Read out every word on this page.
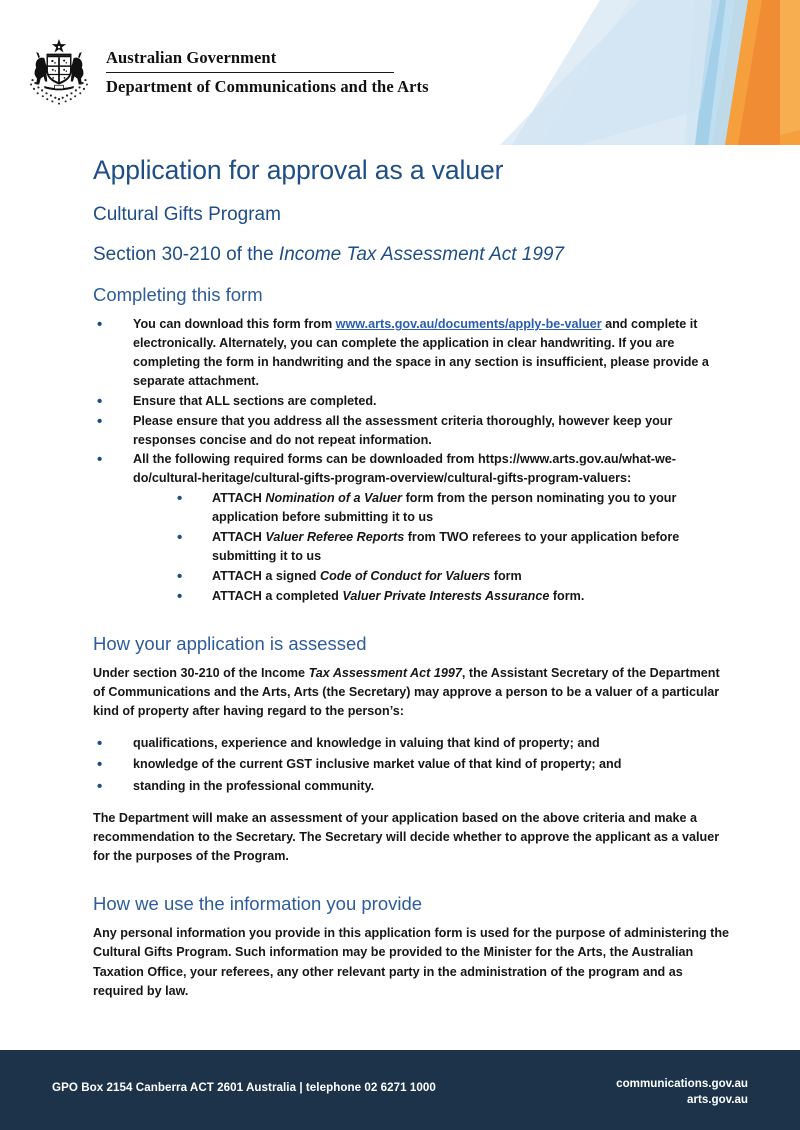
Australian Government
Department of Communications and the Arts
Application for approval as a valuer
Cultural Gifts Program
Section 30-210 of the Income Tax Assessment Act 1997
Completing this form
• You can download this form from www.arts.gov.au/documents/apply-be-valuer and complete it electronically. Alternately, you can complete the application in clear handwriting. If you are completing the form in handwriting and the space in any section is insufficient, please provide a separate attachment.
• Ensure that ALL sections are completed.
• Please ensure that you address all the assessment criteria thoroughly, however keep your responses concise and do not repeat information.
• All the following required forms can be downloaded from https://www.arts.gov.au/what-we-do/cultural-heritage/cultural-gifts-program-overview/cultural-gifts-program-valuers:
• ATTACH Nomination of a Valuer form from the person nominating you to your application before submitting it to us
• ATTACH Valuer Referee Reports from TWO referees to your application before submitting it to us
• ATTACH a signed Code of Conduct for Valuers form
• ATTACH a completed Valuer Private Interests Assurance form.
How your application is assessed

Under section 30-210 of the Income Tax Assessment Act 1997, the Assistant Secretary of the Department of Communications and the Arts, Arts (the Secretary) may approve a person to be a valuer of a particular kind of property after having regard to the person’s:

• qualifications, experience and knowledge in valuing that kind of property; and
• knowledge of the current GST inclusive market value of that kind of property; and
• standing in the professional community.

The Department will make an assessment of your application based on the above criteria and make a recommendation to the Secretary. The Secretary will decide whether to approve the applicant as a valuer for the purposes of the Program.

How we use the information you provide

Any personal information you provide in this application form is used for the purpose of administering the Cultural Gifts Program. Such information may be provided to the Minister for the Arts, the Australian Taxation Office, your referees, any other relevant party in the administration of the program and as required by law.

GPO Box 2154 Canberra ACT 2601 Australia | telephone 02 6271 1000	communications.gov.au
arts.gov.au
